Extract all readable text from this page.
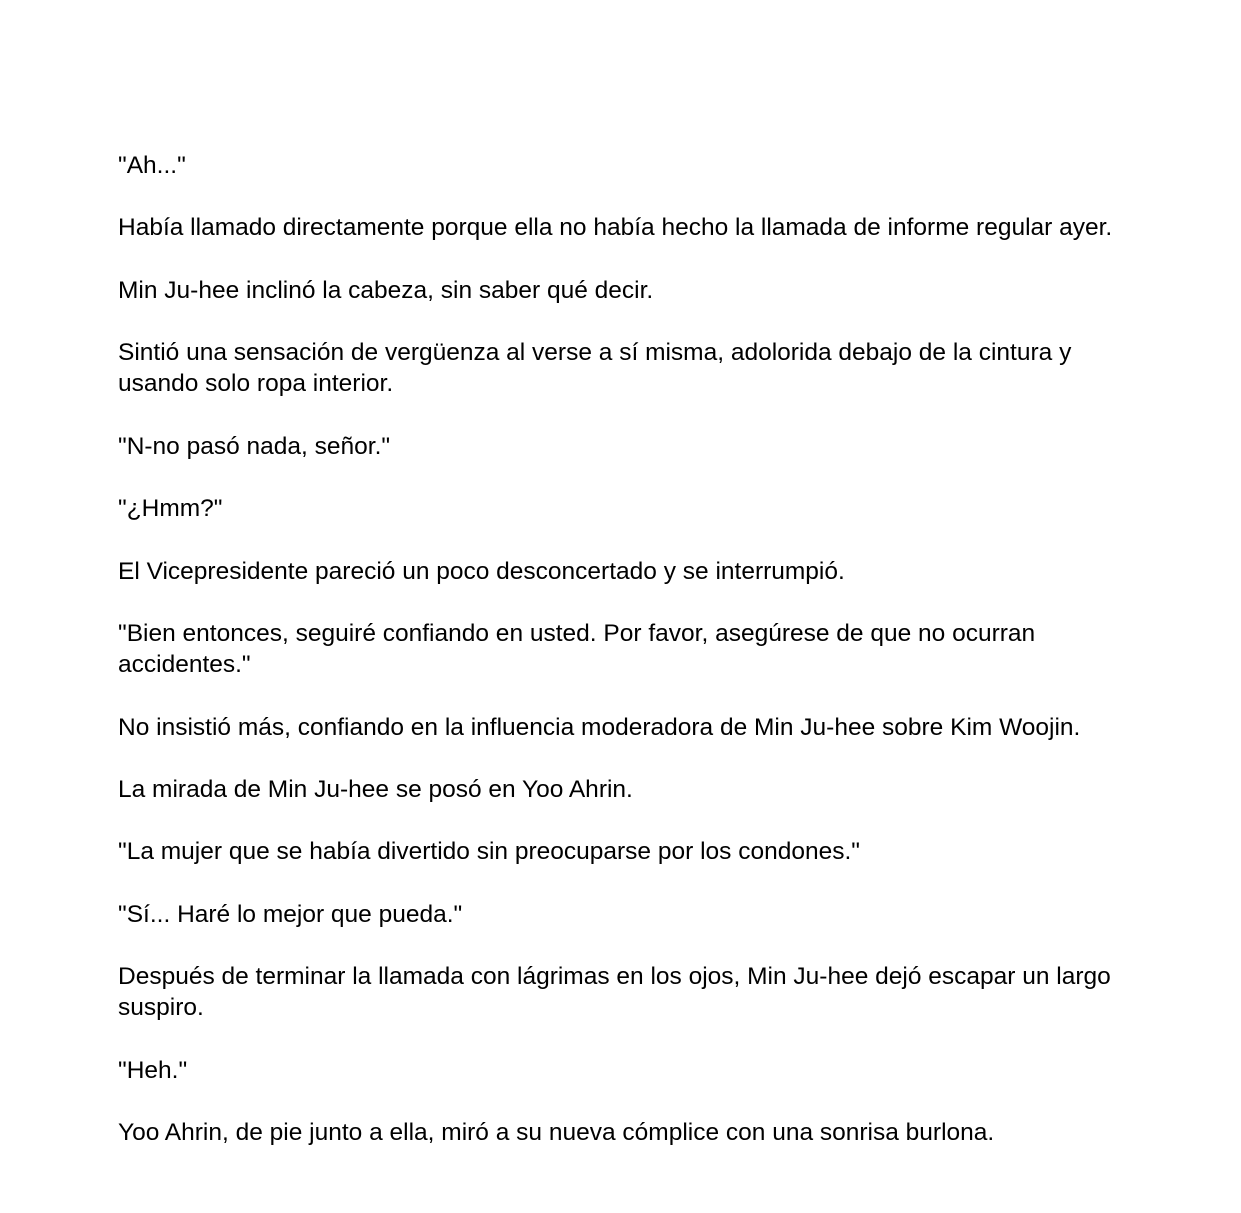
"Ah..."

Había llamado directamente porque ella no había hecho la llamada de informe regular ayer.

Min Ju-hee inclinó la cabeza, sin saber qué decir.

Sintió una sensación de vergüenza al verse a sí misma, adolorida debajo de la cintura y usando solo ropa interior.

"N-no pasó nada, señor."

"¿Hmm?"

El Vicepresidente pareció un poco desconcertado y se interrumpió.

"Bien entonces, seguiré confiando en usted. Por favor, asegúrese de que no ocurran accidentes."

No insistió más, confiando en la influencia moderadora de Min Ju-hee sobre Kim Woojin.

La mirada de Min Ju-hee se posó en Yoo Ahrin.

"La mujer que se había divertido sin preocuparse por los condones."

"Sí... Haré lo mejor que pueda."

Después de terminar la llamada con lágrimas en los ojos, Min Ju-hee dejó escapar un largo suspiro.

"Heh."

Yoo Ahrin, de pie junto a ella, miró a su nueva cómplice con una sonrisa burlona.
